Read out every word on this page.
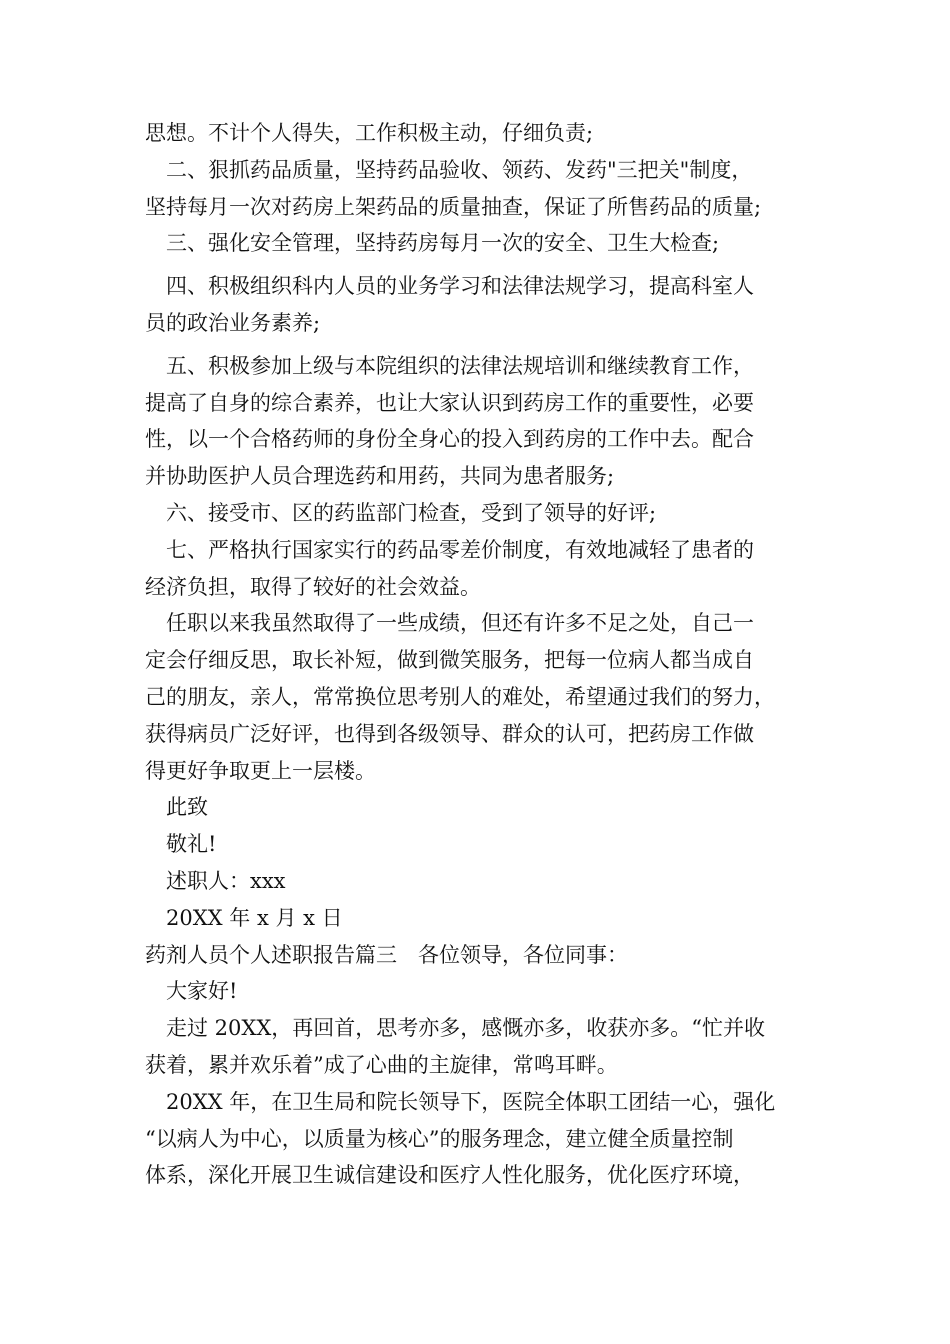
思想。不计个人得失，工作积极主动，仔细负责;
二、狠抓药品质量，坚持药品验收、领药、发药"三把关"制度，
坚持每月一次对药房上架药品的质量抽查，保证了所售药品的质量;
三、强化安全管理，坚持药房每月一次的安全、卫生大检查;
四、积极组织科内人员的业务学习和法律法规学习，提高科室人
员的政治业务素养;
五、积极参加上级与本院组织的法律法规培训和继续教育工作，
提高了自身的综合素养，也让大家认识到药房工作的重要性，必要
性，以一个合格药师的身份全身心的投入到药房的工作中去。配合
并协助医护人员合理选药和用药，共同为患者服务;
六、接受市、区的药监部门检查，受到了领导的好评;
七、严格执行国家实行的药品零差价制度，有效地减轻了患者的
经济负担，取得了较好的社会效益。
任职以来我虽然取得了一些成绩，但还有许多不足之处，自己一
定会仔细反思，取长补短，做到微笑服务，把每一位病人都当成自
己的朋友，亲人，常常换位思考别人的难处，希望通过我们的努力，
获得病员广泛好评，也得到各级领导、群众的认可，把药房工作做
得更好争取更上一层楼。
此致
敬礼!
述职人：xxx
20XX 年 x 月 x 日
药剂人员个人述职报告篇三　各位领导，各位同事：
大家好!
走过 20XX，再回首，思考亦多，感慨亦多，收获亦多。“忙并收
获着，累并欢乐着”成了心曲的主旋律，常鸣耳畔。
20XX 年，在卫生局和院长领导下，医院全体职工团结一心，强化
“以病人为中心，以质量为核心”的服务理念，建立健全质量控制
体系，深化开展卫生诚信建设和医疗人性化服务，优化医疗环境，
